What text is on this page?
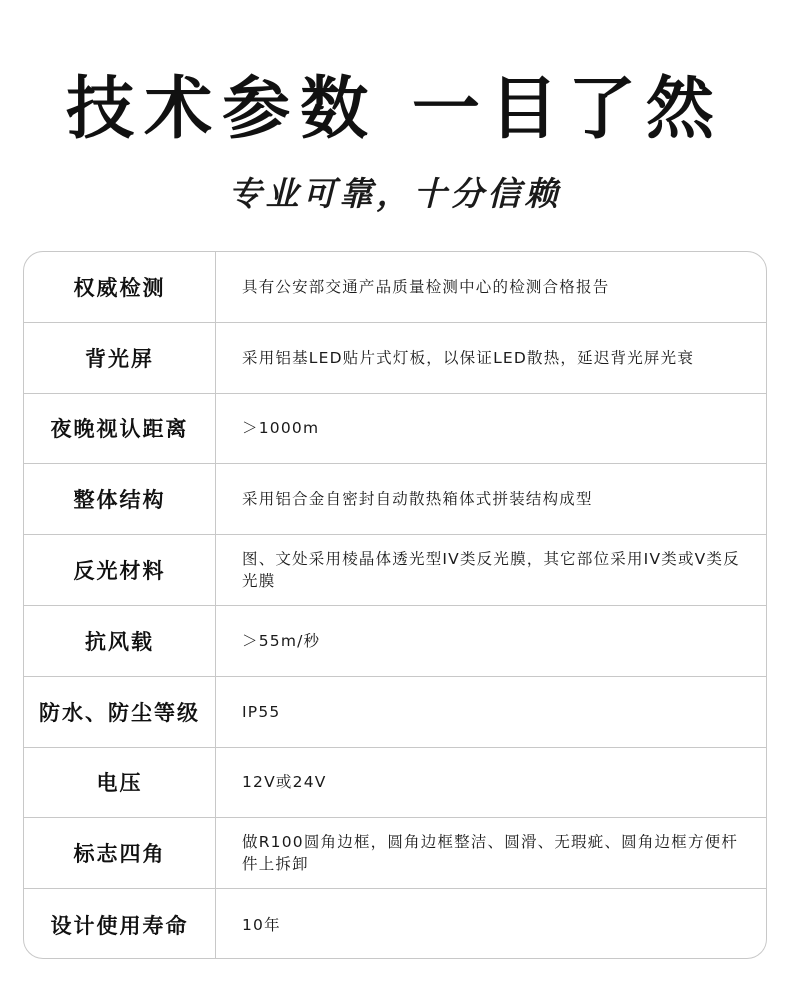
技术参数 一目了然
专业可靠，十分信赖
权威检测	具有公安部交通产品质量检测中心的检测合格报告
背光屏	采用铝基LED贴片式灯板，以保证LED散热，延迟背光屏光衰
夜晚视认距离	＞1000m
整体结构	采用铝合金自密封自动散热箱体式拼装结构成型
反光材料	图、文处采用棱晶体透光型IV类反光膜，其它部位采用IV类或V类反光膜
抗风载	＞55m/秒
防水、防尘等级	IP55
电压	12V或24V
标志四角	做R100圆角边框，圆角边框整洁、圆滑、无瑕疵、圆角边框方便杆件上拆卸
设计使用寿命	10年
